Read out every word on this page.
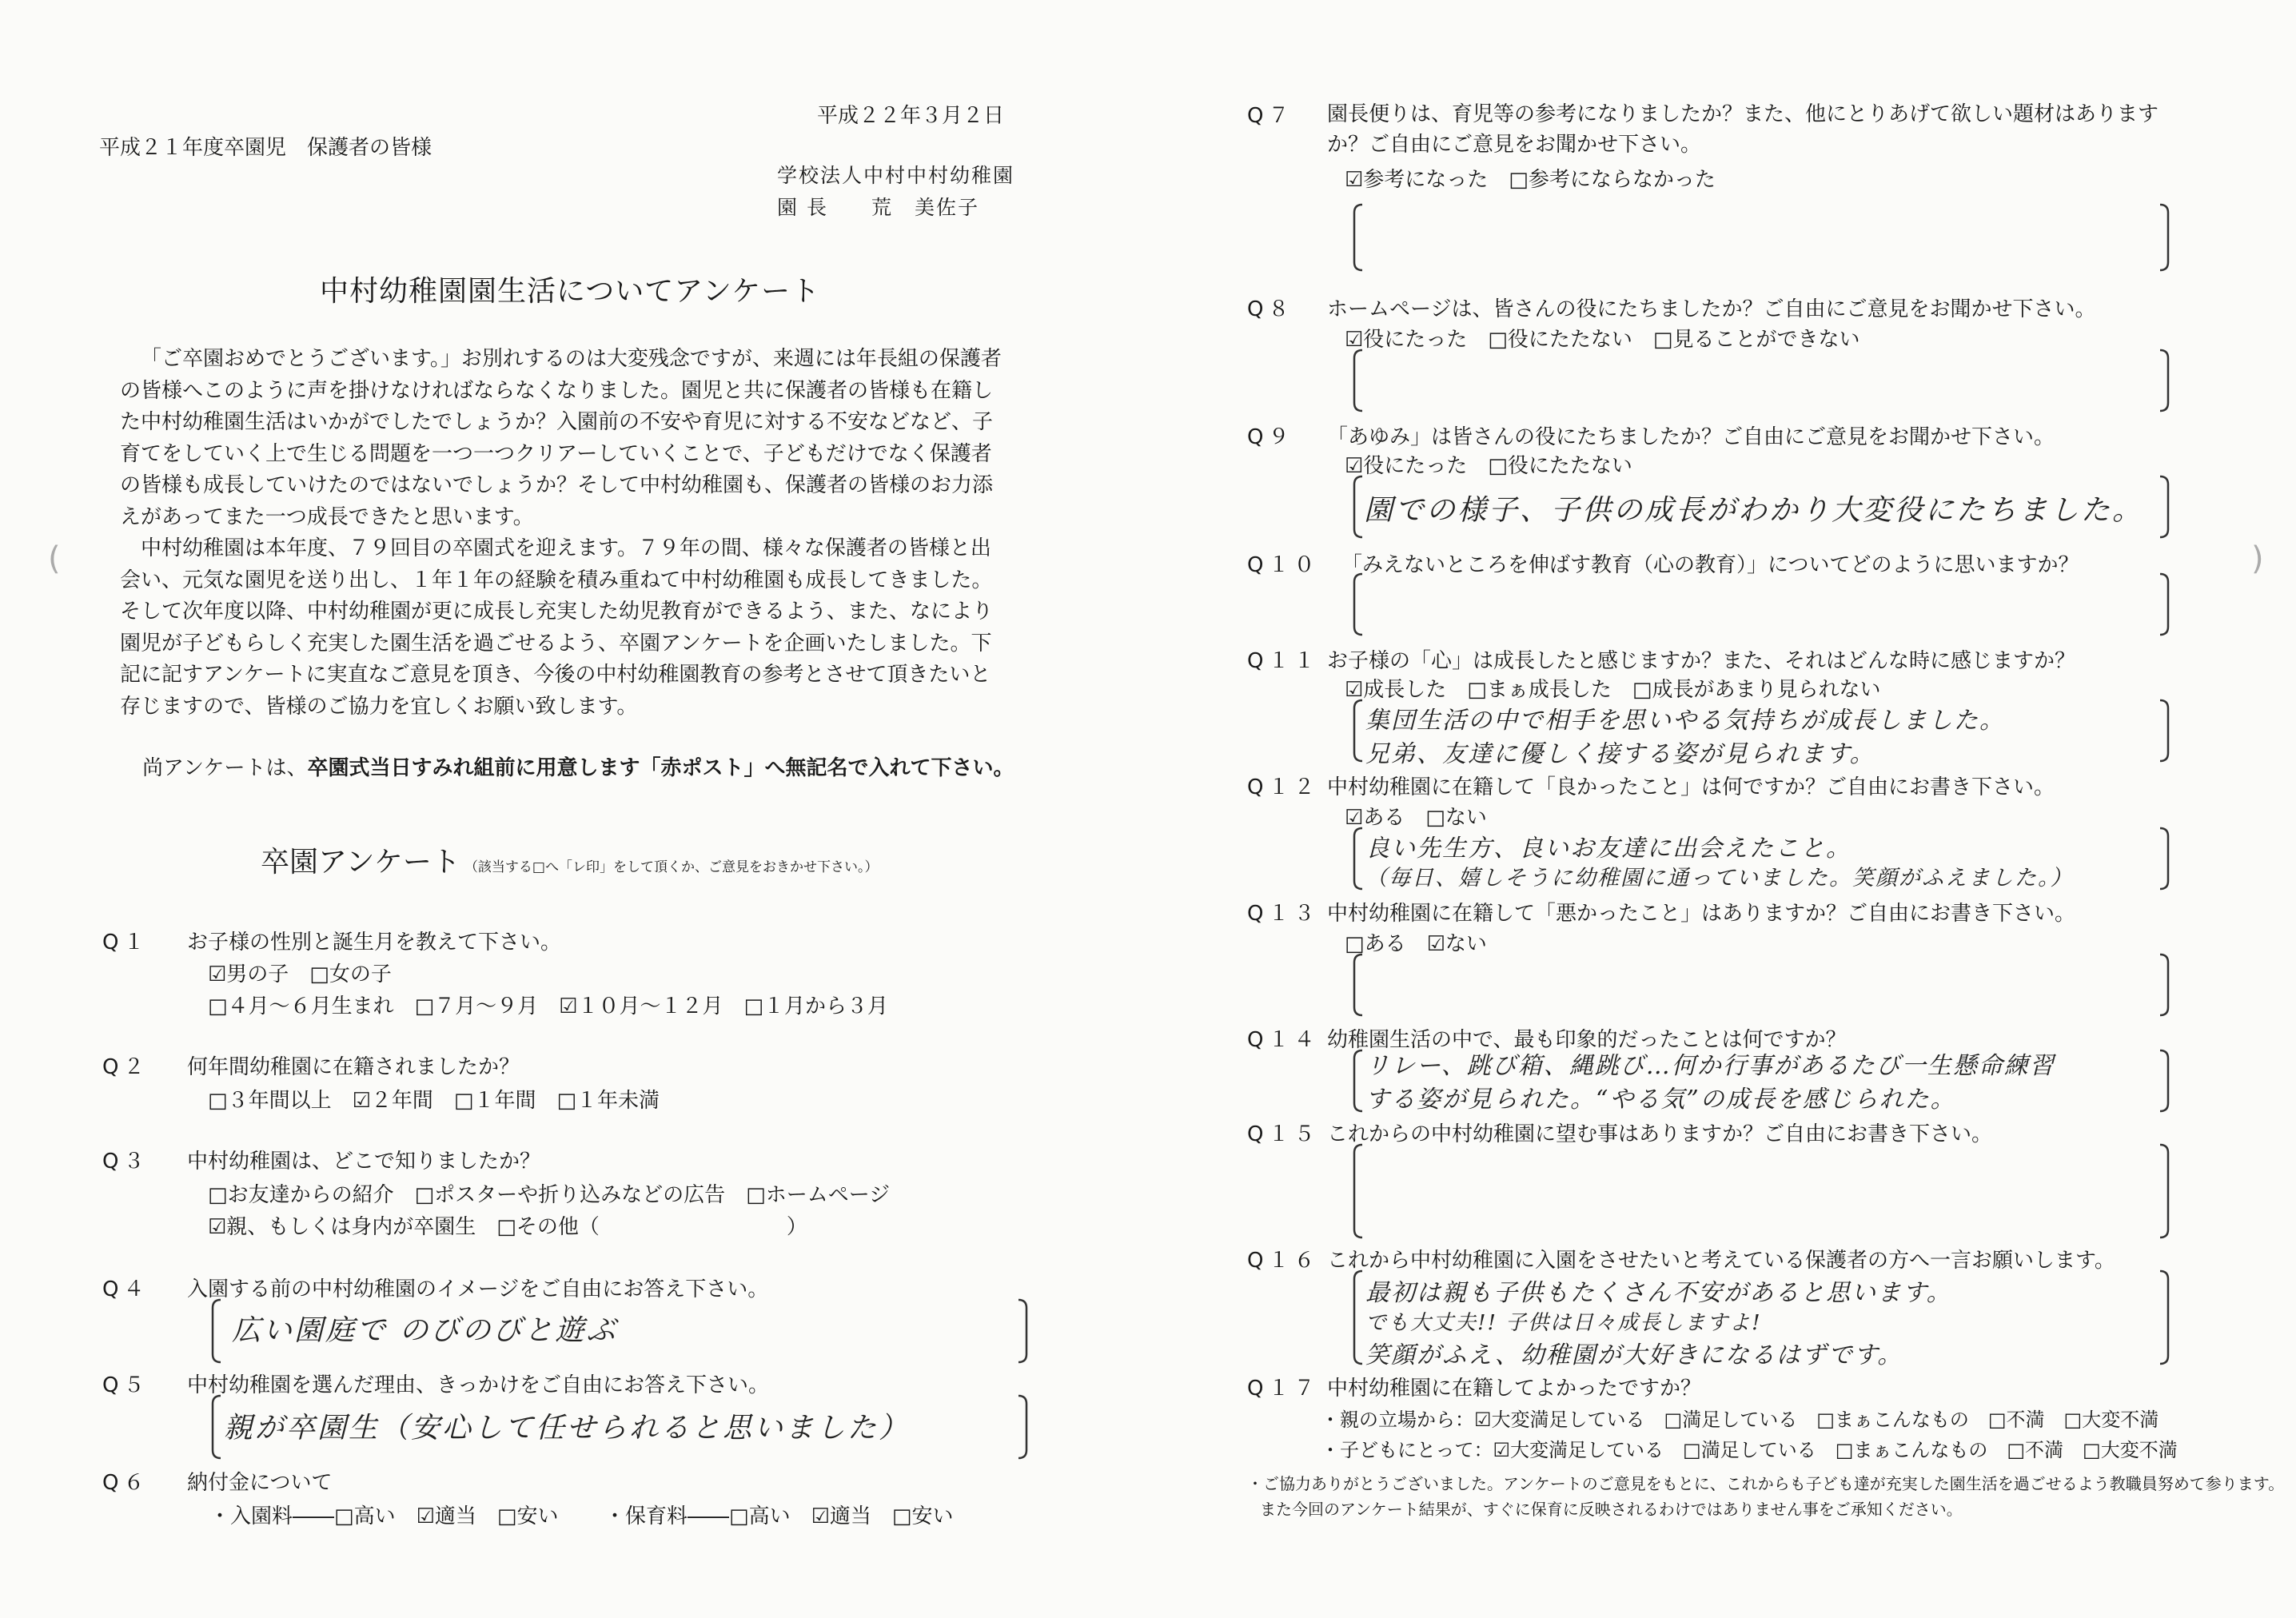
平成２２年３月２日
平成２１年度卒園児　保護者の皆様
学校法人中村中村幼稚園
園 長　　荒　美佐子
中村幼稚園園生活についてアンケート

「ご卒園おめでとうございます。」お別れするのは大変残念ですが、来週には年長組の保護者の皆様へこのように声を掛けなければならなくなりました。園児と共に保護者の皆様も在籍した中村幼稚園生活はいかがでしたでしょうか？入園前の不安や育児に対する不安などなど、子育てをしていく上で生じる問題を一つ一つクリアーしていくことで、子どもだけでなく保護者の皆様も成長していけたのではないでしょうか？そして中村幼稚園も、保護者の皆様のお力添えがあってまた一つ成長できたと思います。

中村幼稚園は本年度、７９回目の卒園式を迎えます。７９年の間、様々な保護者の皆様と出会い、元気な園児を送り出し、１年１年の経験を積み重ねて中村幼稚園も成長してきました。そして次年度以降、中村幼稚園が更に成長し充実した幼児教育ができるよう、また、なにより園児が子どもらしく充実した園生活を過ごせるよう、卒園アンケートを企画いたしました。下記に記すアンケートに実直なご意見を頂き、今後の中村幼稚園教育の参考とさせて頂きたいと存じますので、皆様のご協力を宜しくお願い致します。

尚アンケートは、卒園式当日すみれ組前に用意します「赤ポスト」へ無記名で入れて下さい。
卒園アンケート （該当する□へ「レ印」をして頂くか、ご意見をおきかせ下さい。）
Q１ お子様の性別と誕生月を教えて下さい。
☑男の子　□女の子
□４月～６月生まれ　□７月～９月　☑１０月～１２月　□１月から３月
Q２ 何年間幼稚園に在籍されましたか？
□３年間以上　☑２年間　□１年間　□１年未満
Q３ 中村幼稚園は、どこで知りましたか？
□お友達からの紹介　□ポスターや折り込みなどの広告　□ホームページ
☑親、もしくは身内が卒園生　□その他（　　　　　　　　　）
Q４ 入園する前の中村幼稚園のイメージをご自由にお答え下さい。
広い園庭で のびのびと遊ぶ
Q５ 中村幼稚園を選んだ理由、きっかけをご自由にお答え下さい。
親が卒園生（安心して任せられると思いました）
Q６ 納付金について
・入園料――□高い　☑適当　□安い ・保育料――□高い　☑適当　□安い
(
Q７ 園長便りは、育児等の参考になりましたか？また、他にとりあげて欲しい題材はありますか？ご自由にご意見をお聞かせ下さい。
☑参考になった　□参考にならなかった
Q８ ホームページは、皆さんの役にたちましたか？ご自由にご意見をお聞かせ下さい。
☑役にたった　□役にたたない　□見ることができない
Q９ 「あゆみ」は皆さんの役にたちましたか？ご自由にご意見をお聞かせ下さい。
☑役にたった　□役にたたない
園での様子、子供の成長がわかり大変役にたちました。
Q１０ 「みえないところを伸ばす教育（心の教育）」についてどのように思いますか？
Q１１ お子様の「心」は成長したと感じますか？また、それはどんな時に感じますか？
☑成長した　□まぁ成長した　□成長があまり見られない
集団生活の中で相手を思いやる気持ちが成長しました。
兄弟、友達に優しく接する姿が見られます。
Q１２ 中村幼稚園に在籍して「良かったこと」は何ですか？ご自由にお書き下さい。
☑ある　□ない
良い先生方、良いお友達に出会えたこと。
（毎日、嬉しそうに幼稚園に通っていました。笑顔がふえました。）
Q１３ 中村幼稚園に在籍して「悪かったこと」はありますか？ご自由にお書き下さい。
□ある　☑ない
Q１４ 幼稚園生活の中で、最も印象的だったことは何ですか？
リレー、跳び箱、縄跳び…何か行事があるたび一生懸命練習
する姿が見られた。“やる気”の成長を感じられた。
Q１５ これからの中村幼稚園に望む事はありますか？ご自由にお書き下さい。
Q１６ これから中村幼稚園に入園をさせたいと考えている保護者の方へ一言お願いします。
最初は親も子供もたくさん不安があると思います。
でも大丈夫!! 子供は日々成長しますよ!
笑顔がふえ、幼稚園が大好きになるはずです。
Q１７ 中村幼稚園に在籍してよかったですか？
・親の立場から：☑大変満足している　□満足している　□まぁこんなもの　□不満　□大変不満
・子どもにとって：☑大変満足している　□満足している　□まぁこんなもの　□不満　□大変不満
・ご協力ありがとうございました。アンケートのご意見をもとに、これからも子ども達が充実した園生活を過ごせるよう教職員努めて参ります。
また今回のアンケート結果が、すぐに保育に反映されるわけではありません事をご承知ください。
)
